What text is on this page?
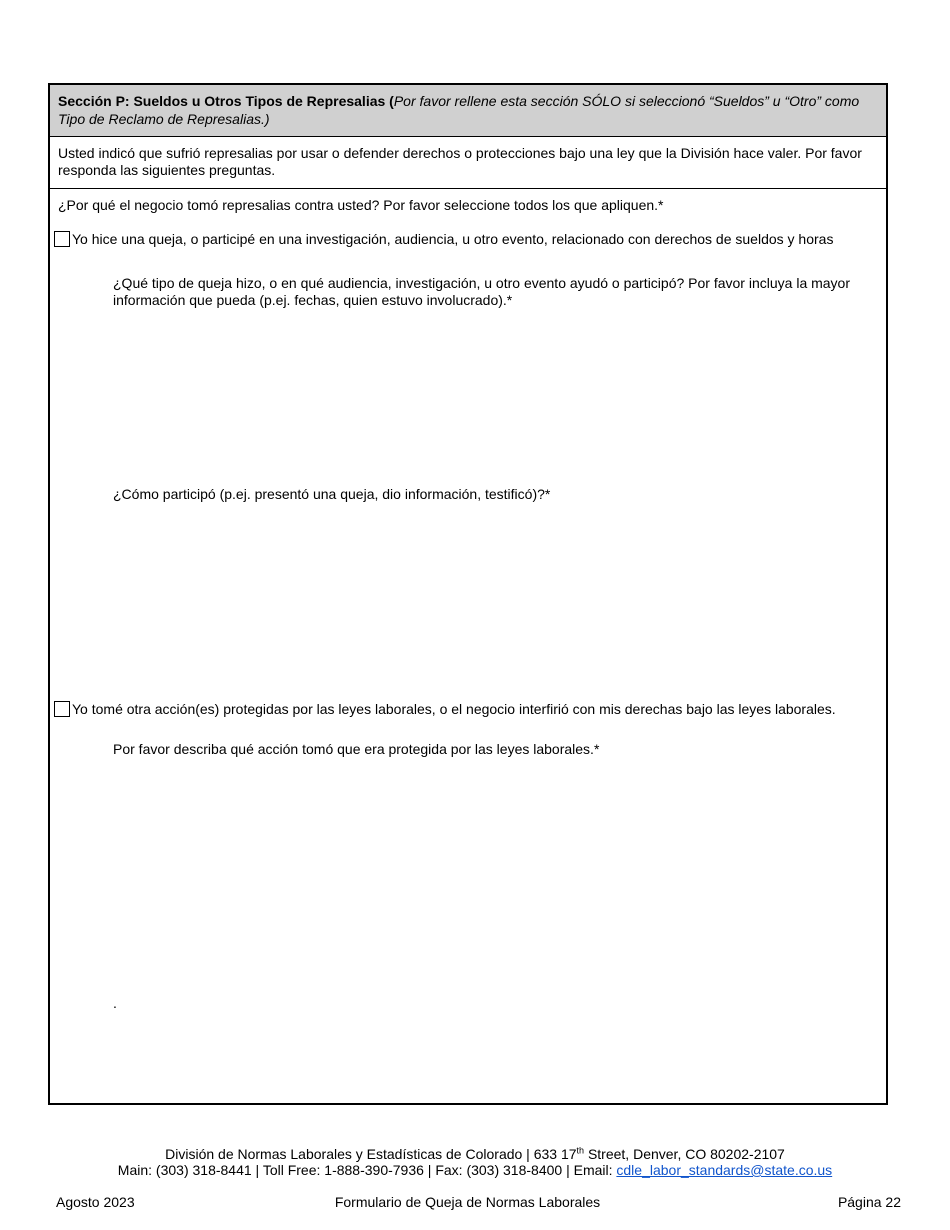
Sección P: Sueldos u Otros Tipos de Represalias (Por favor rellene esta sección SÓLO si seleccionó “Sueldos” u “Otro” como Tipo de Reclamo de Represalias.)
Usted indicó que sufrió represalias por usar o defender derechos o protecciones bajo una ley que la División hace valer. Por favor responda las siguientes preguntas.
¿Por qué el negocio tomó represalias contra usted? Por favor seleccione todos los que apliquen.*
Yo hice una queja, o participé en una investigación, audiencia, u otro evento, relacionado con derechos de sueldos y horas
¿Qué tipo de queja hizo, o en qué audiencia, investigación, u otro evento ayudó o participó? Por favor incluya la mayor información que pueda (p.ej. fechas, quien estuvo involucrado).*
¿Cómo participó (p.ej. presentó una queja, dio información, testificó)?*
Yo tomé otra acción(es) protegidas por las leyes laborales, o el negocio interfirió con mis derechas bajo las leyes laborales.
Por favor describa qué acción tomó que era protegida por las leyes laborales.*
.
División de Normas Laborales y Estadísticas de Colorado | 633 17th Street, Denver, CO 80202-2107
Main: (303) 318-8441 | Toll Free: 1-888-390-7936 | Fax: (303) 318-8400 | Email: cdle_labor_standards@state.co.us
Agosto 2023	Formulario de Queja de Normas Laborales	Página 22
